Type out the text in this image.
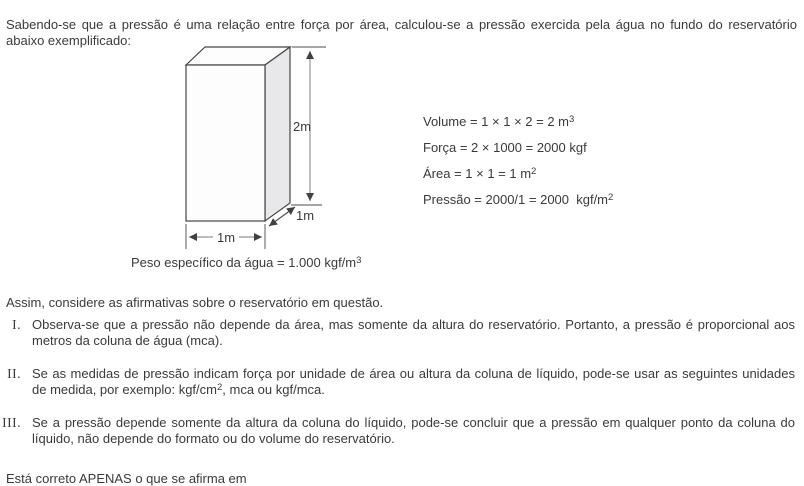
Sabendo-se que a pressão é uma relação entre força por área, calculou-se a pressão exercida pela água no fundo do reservatório abaixo exemplificado:

2m
1m
1m
Volume = 1 × 1 × 2 = 2 $m^3$
Força = 2 × 1000 = 2000 kgf
Área = 1 × 1 = 1 $m^2$
Pressão = 2000/1 = 2000  kgf/$m^2$
Peso específico da água = 1.000 kgf/$m^3$

Assim, considere as afirmativas sobre o reservatório em questão.

I. Observa-se que a pressão não depende da área, mas somente da altura do reservatório. Portanto, a pressão é proporcional aos metros da coluna de água (mca).

II. Se as medidas de pressão indicam força por unidade de área ou altura da coluna de líquido, pode-se usar as seguintes unidades de medida, por exemplo: kgf/$cm^2$, mca ou kgf/mca.

III. Se a pressão depende somente da altura da coluna do líquido, pode-se concluir que a pressão em qualquer ponto da coluna do líquido, não depende do formato ou do volume do reservatório.

Está correto APENAS o que se afirma em
